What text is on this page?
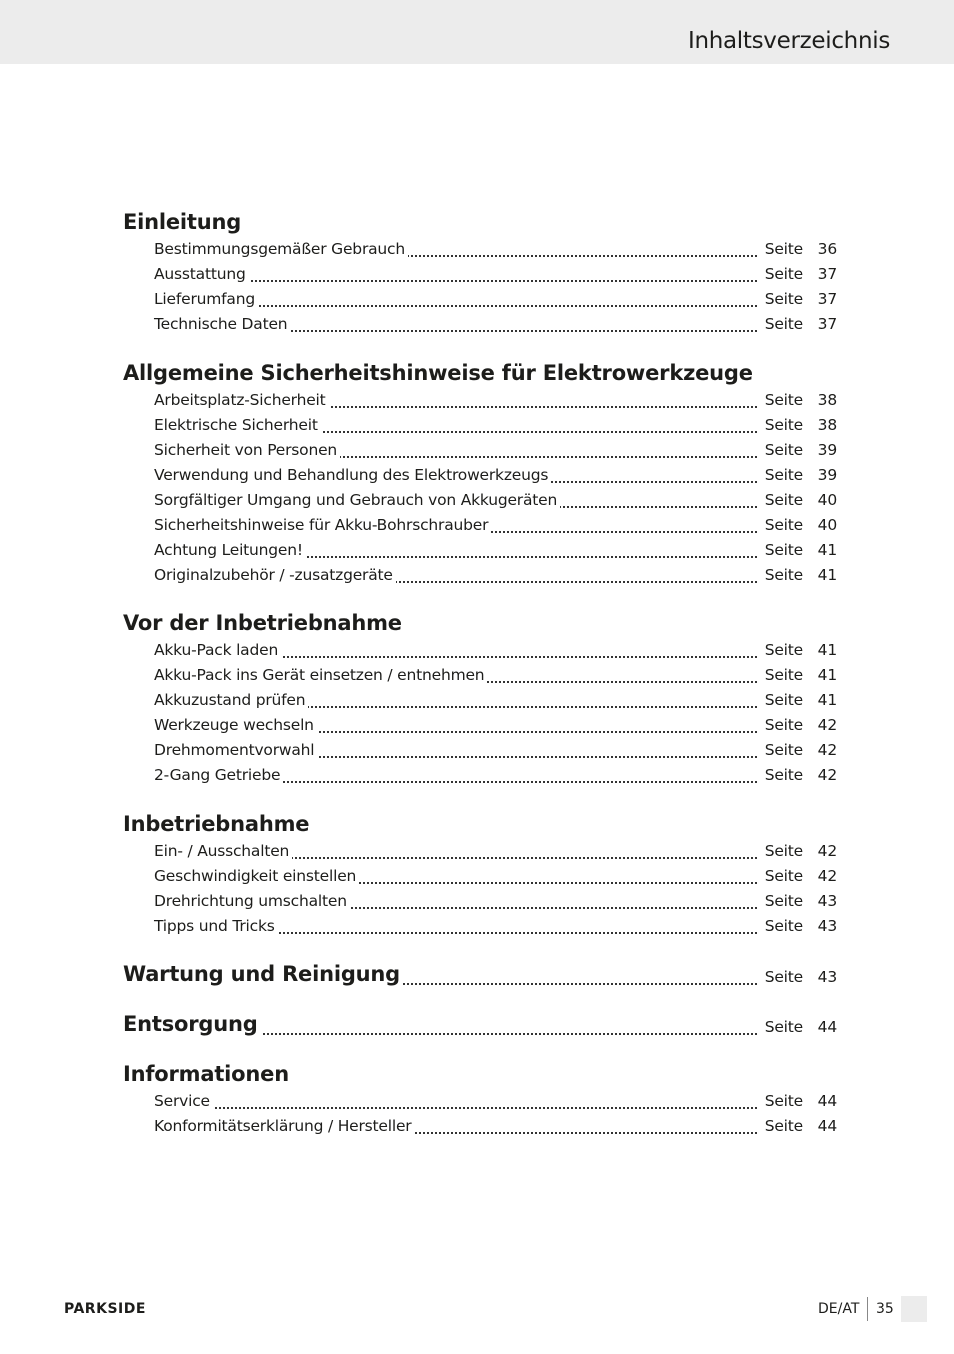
Inhaltsverzeichnis
Einleitung
Bestimmungsgemäßer Gebrauch	Seite 36
Ausstattung	Seite 37
Lieferumfang	Seite 37
Technische Daten	Seite 37
Allgemeine Sicherheitshinweise für Elektrowerkzeuge
Arbeitsplatz-Sicherheit	Seite 38
Elektrische Sicherheit	Seite 38
Sicherheit von Personen	Seite 39
Verwendung und Behandlung des Elektrowerkzeugs	Seite 39
Sorgfältiger Umgang und Gebrauch von Akkugeräten	Seite 40
Sicherheitshinweise für Akku-Bohrschrauber	Seite 40
Achtung Leitungen!	Seite 41
Originalzubehör / -zusatzgeräte	Seite 41
Vor der Inbetriebnahme
Akku-Pack laden	Seite 41
Akku-Pack ins Gerät einsetzen / entnehmen	Seite 41
Akkuzustand prüfen	Seite 41
Werkzeuge wechseln	Seite 42
Drehmomentvorwahl	Seite 42
2-Gang Getriebe	Seite 42
Inbetriebnahme
Ein- / Ausschalten	Seite 42
Geschwindigkeit einstellen	Seite 42
Drehrichtung umschalten	Seite 43
Tipps und Tricks	Seite 43
Wartung und Reinigung	Seite 43
Entsorgung	Seite 44
Informationen
Service	Seite 44
Konformitätserklärung / Hersteller	Seite 44
PARKSIDE	DE/AT 35
